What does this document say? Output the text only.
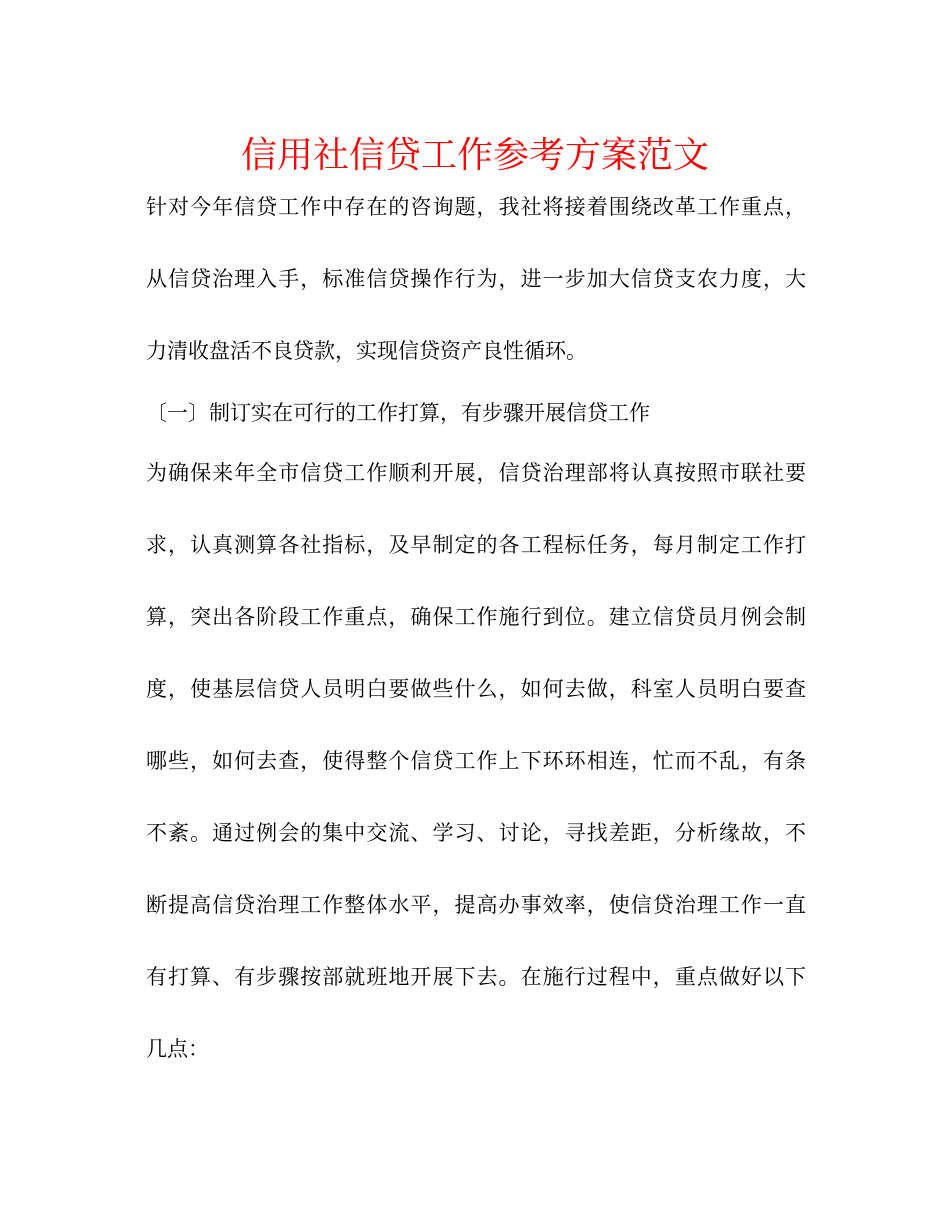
信用社信贷工作参考方案范文
针对今年信贷工作中存在的咨询题，我社将接着围绕改革工作重点，
从信贷治理入手，标准信贷操作行为，进一步加大信贷支农力度，大
力清收盘活不良贷款，实现信贷资产良性循环。
〔一〕制订实在可行的工作打算，有步骤开展信贷工作
为确保来年全市信贷工作顺利开展，信贷治理部将认真按照市联社要
求，认真测算各社指标，及早制定的各工程标任务，每月制定工作打
算，突出各阶段工作重点，确保工作施行到位。建立信贷员月例会制
度，使基层信贷人员明白要做些什么，如何去做，科室人员明白要查
哪些，如何去查，使得整个信贷工作上下环环相连，忙而不乱，有条
不紊。通过例会的集中交流、学习、讨论，寻找差距，分析缘故，不
断提高信贷治理工作整体水平，提高办事效率，使信贷治理工作一直
有打算、有步骤按部就班地开展下去。在施行过程中，重点做好以下
几点：
